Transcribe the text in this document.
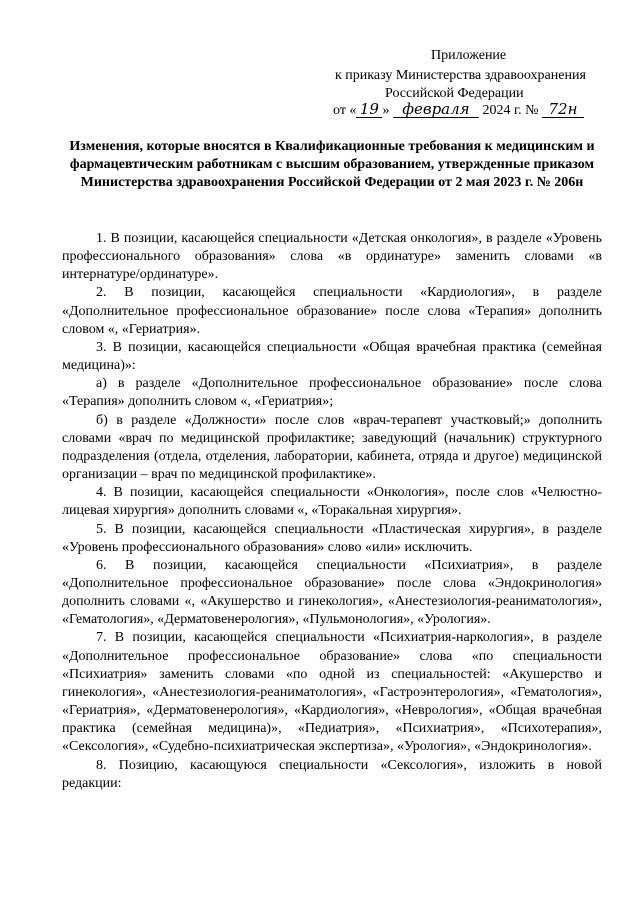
Приложение
к приказу Министерства здравоохранения
Российской Федерации
от « 19 » февраля 2024 г. № 72н
Изменения, которые вносятся в Квалификационные требования к медицинским и фармацевтическим работникам с высшим образованием, утвержденные приказом Министерства здравоохранения Российской Федерации от 2 мая 2023 г. № 206н

1. В позиции, касающейся специальности «Детская онкология», в разделе «Уровень профессионального образования» слова «в ординатуре» заменить словами «в интернатуре/ординатуре».

2. В позиции, касающейся специальности «Кардиология», в разделе «Дополнительное профессиональное образование» после слова «Терапия» дополнить словом «, «Гериатрия».

3. В позиции, касающейся специальности «Общая врачебная практика (семейная медицина)»:

а) в разделе «Дополнительное профессиональное образование» после слова «Терапия» дополнить словом «, «Гериатрия»;

б) в разделе «Должности» после слов «врач-терапевт участковый;» дополнить словами «врач по медицинской профилактике; заведующий (начальник) структурного подразделения (отдела, отделения, лаборатории, кабинета, отряда и другое) медицинской организации – врач по медицинской профилактике».

4. В позиции, касающейся специальности «Онкология», после слов «Челюстно-лицевая хирургия» дополнить словами «, «Торакальная хирургия».

5. В позиции, касающейся специальности «Пластическая хирургия», в разделе «Уровень профессионального образования» слово «или» исключить.

6. В позиции, касающейся специальности «Психиатрия», в разделе «Дополнительное профессиональное образование» после слова «Эндокринология» дополнить словами «, «Акушерство и гинекология», «Анестезиология-реаниматология», «Гематология», «Дерматовенерология», «Пульмонология», «Урология».

7. В позиции, касающейся специальности «Психиатрия-наркология», в разделе «Дополнительное профессиональное образование» слова «по специальности «Психиатрия» заменить словами «по одной из специальностей: «Акушерство и гинекология», «Анестезиология-реаниматология», «Гастроэнтерология», «Гематология», «Гериатрия», «Дерматовенерология», «Кардиология», «Неврология», «Общая врачебная практика (семейная медицина)», «Педиатрия», «Психиатрия», «Психотерапия», «Сексология», «Судебно-психиатрическая экспертиза», «Урология», «Эндокринология».

8. Позицию, касающуюся специальности «Сексология», изложить в новой редакции:
